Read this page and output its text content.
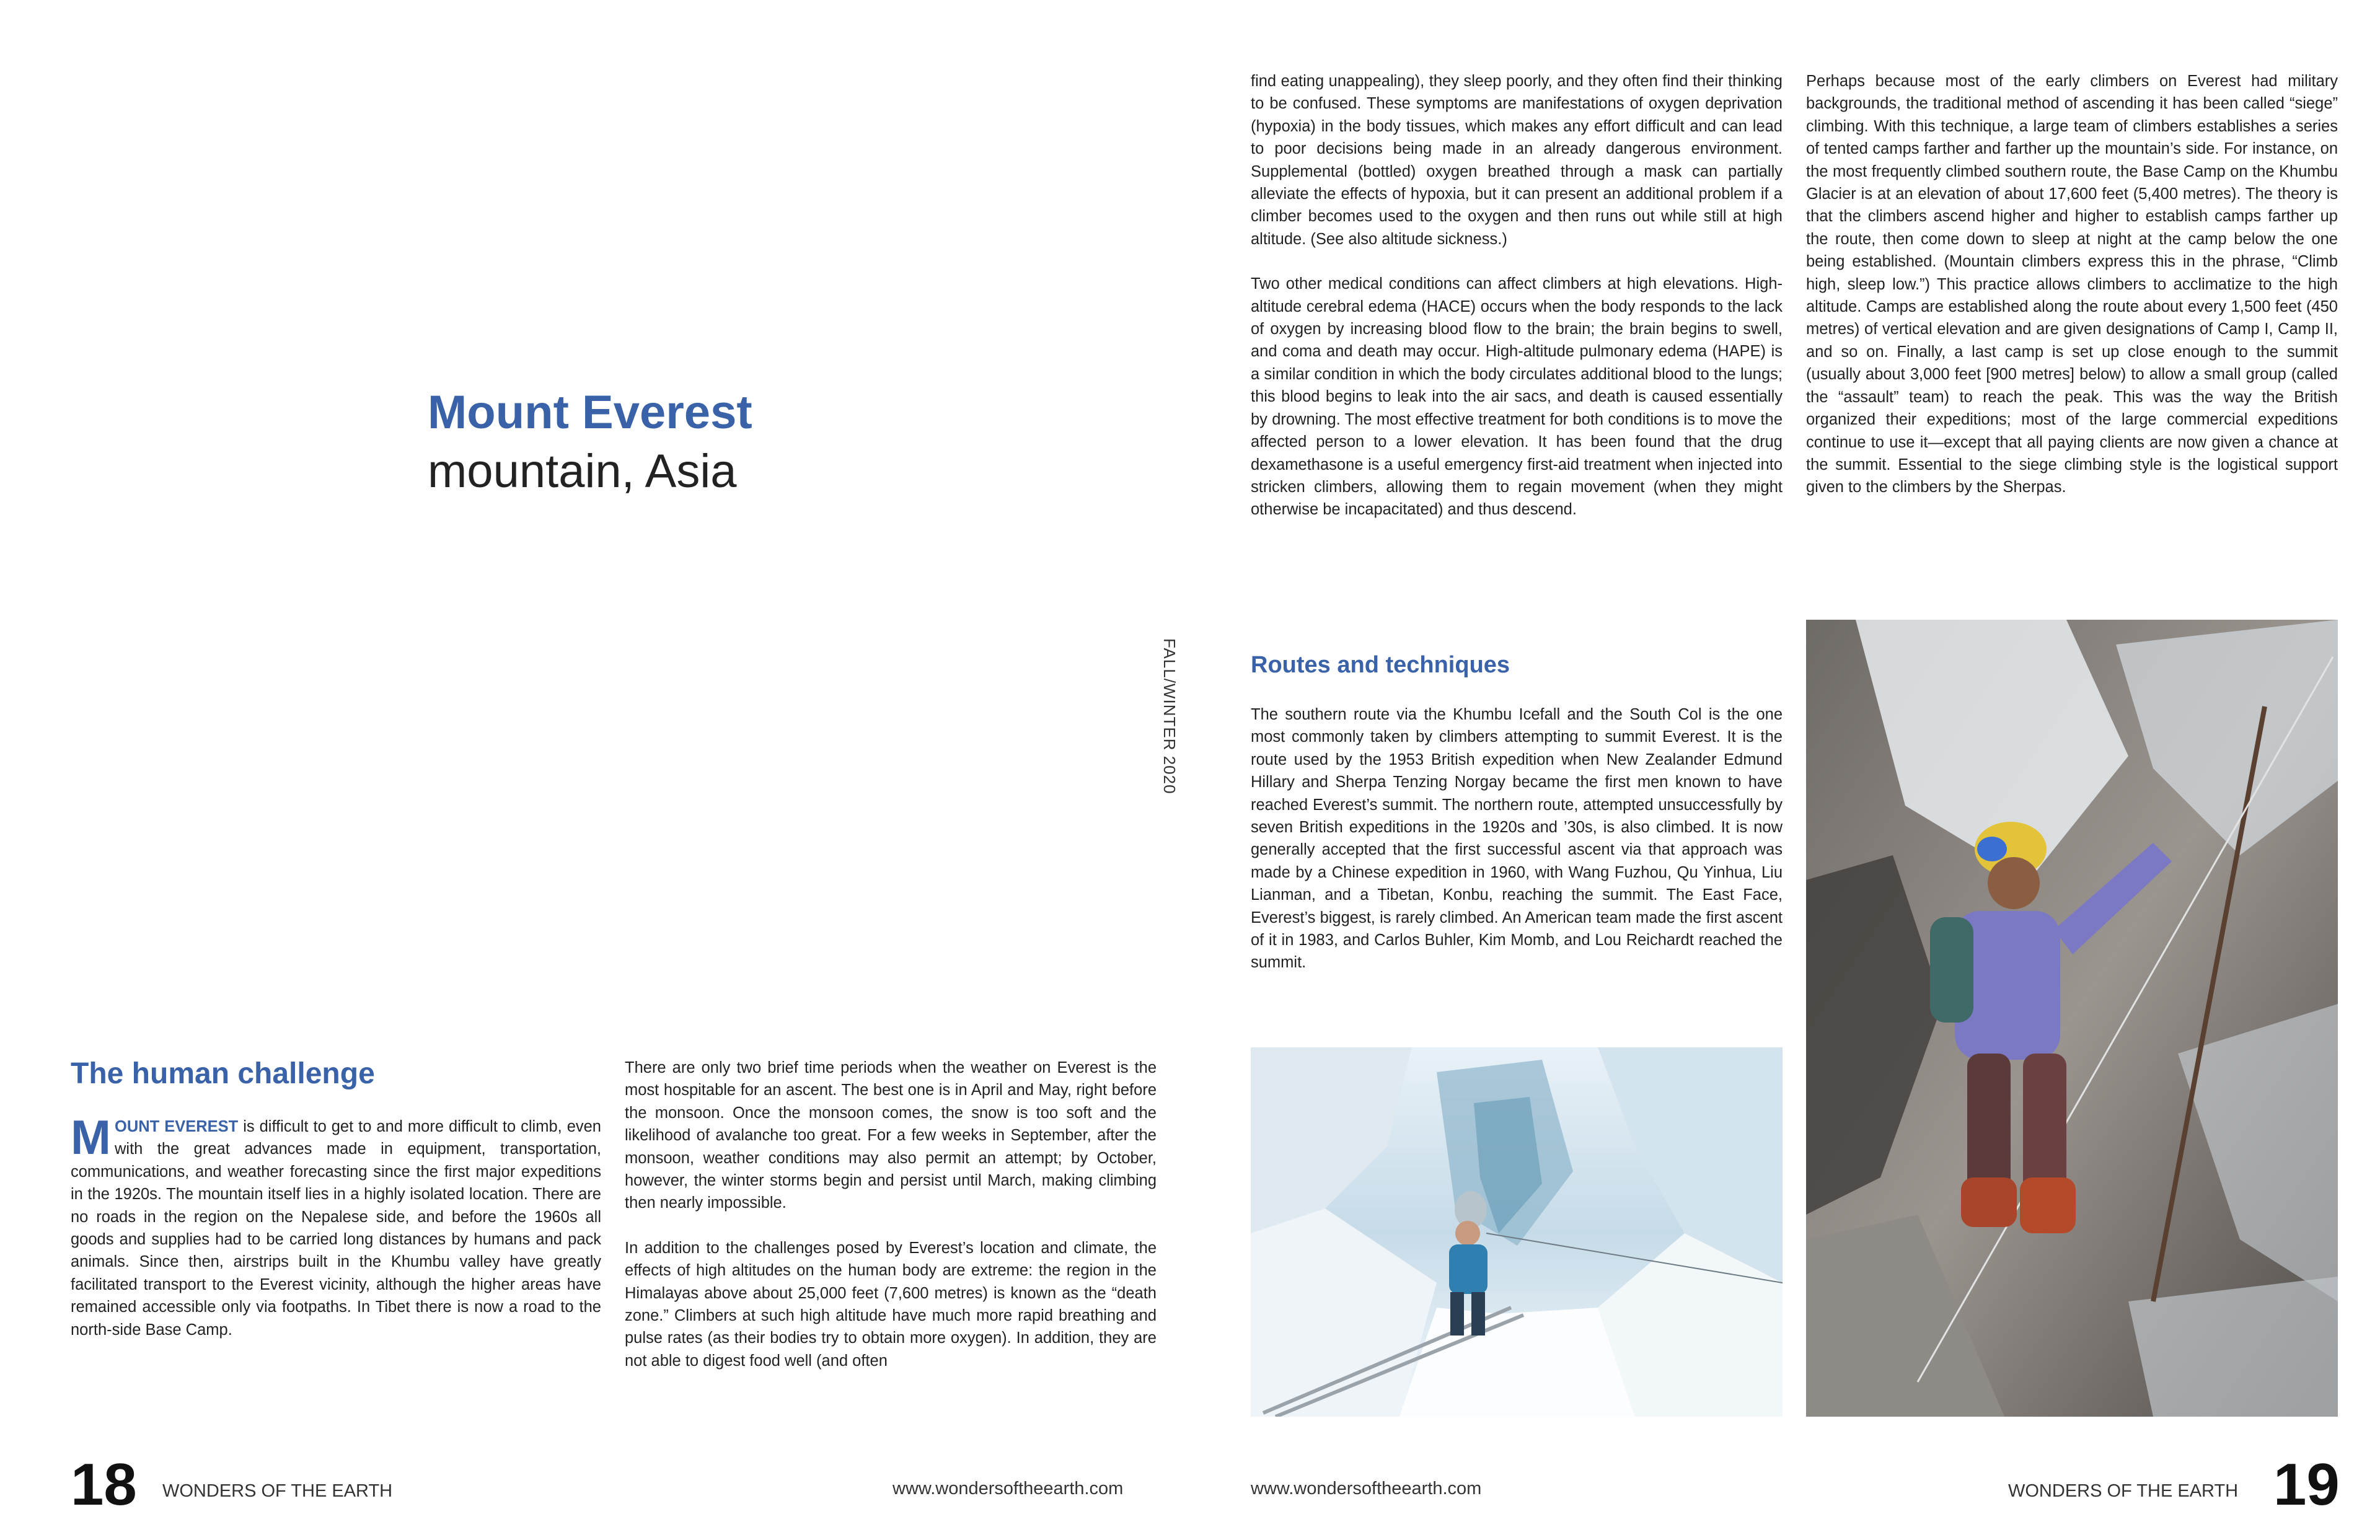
Mount Everest
mountain, Asia
The human challenge

MOUNT EVEREST is difficult to get to and more difficult to climb, even with the great advances made in equipment, transportation, communications, and weather forecasting since the first major expeditions in the 1920s. The mountain itself lies in a highly isolated location. There are no roads in the region on the Nepalese side, and before the 1960s all goods and supplies had to be carried long distances by humans and pack animals. Since then, airstrips built in the Khumbu valley have greatly facilitated transport to the Everest vicinity, although the higher areas have remained accessible only via footpaths. In Tibet there is now a road to the north-side Base Camp.

There are only two brief time periods when the weather on Everest is the most hospitable for an ascent. The best one is in April and May, right before the monsoon. Once the monsoon comes, the snow is too soft and the likelihood of avalanche too great. For a few weeks in September, after the monsoon, weather conditions may also permit an attempt; by October, however, the winter storms begin and persist until March, making climbing then nearly impossible.

In addition to the challenges posed by Everest’s location and climate, the effects of high altitudes on the human body are extreme: the region in the Himalayas above about 25,000 feet (7,600 metres) is known as the “death zone.” Climbers at such high altitude have much more rapid breathing and pulse rates (as their bodies try to obtain more oxygen). In addition, they are not able to digest food well (and often

FALL/WINTER 2020

find eating unappealing), they sleep poorly, and they often find their thinking to be confused. These symptoms are manifestations of oxygen deprivation (hypoxia) in the body tissues, which makes any effort difficult and can lead to poor decisions being made in an already dangerous environment. Supplemental (bottled) oxygen breathed through a mask can partially alleviate the effects of hypoxia, but it can present an additional problem if a climber becomes used to the oxygen and then runs out while still at high altitude. (See also altitude sickness.)

Two other medical conditions can affect climbers at high elevations. High-altitude cerebral edema (HACE) occurs when the body responds to the lack of oxygen by increasing blood flow to the brain; the brain begins to swell, and coma and death may occur. High-altitude pulmonary edema (HAPE) is a similar condition in which the body circulates additional blood to the lungs; this blood begins to leak into the air sacs, and death is caused essentially by drowning. The most effective treatment for both conditions is to move the affected person to a lower elevation. It has been found that the drug dexamethasone is a useful emergency first-aid treatment when injected into stricken climbers, allowing them to regain movement (when they might otherwise be incapacitated) and thus descend.

Routes and techniques

The southern route via the Khumbu Icefall and the South Col is the one most commonly taken by climbers attempting to summit Everest. It is the route used by the 1953 British expedition when New Zealander Edmund Hillary and Sherpa Tenzing Norgay became the first men known to have reached Everest’s summit. The northern route, attempted unsuccessfully by seven British expeditions in the 1920s and ’30s, is also climbed. It is now generally accepted that the first successful ascent via that approach was made by a Chinese expedition in 1960, with Wang Fuzhou, Qu Yinhua, Liu Lianman, and a Tibetan, Konbu, reaching the summit. The East Face, Everest’s biggest, is rarely climbed. An American team made the first ascent of it in 1983, and Carlos Buhler, Kim Momb, and Lou Reichardt reached the summit.

Perhaps because most of the early climbers on Everest had military backgrounds, the traditional method of ascending it has been called “siege” climbing. With this technique, a large team of climbers establishes a series of tented camps farther and farther up the mountain’s side. For instance, on the most frequently climbed southern route, the Base Camp on the Khumbu Glacier is at an elevation of about 17,600 feet (5,400 metres). The theory is that the climbers ascend higher and higher to establish camps farther up the route, then come down to sleep at night at the camp below the one being established. (Mountain climbers express this in the phrase, “Climb high, sleep low.”) This practice allows climbers to acclimatize to the high altitude. Camps are established along the route about every 1,500 feet (450 metres) of vertical elevation and are given designations of Camp I, Camp II, and so on. Finally, a last camp is set up close enough to the summit (usually about 3,000 feet [900 metres] below) to allow a small group (called the “assault” team) to reach the peak. This was the way the British organized their expeditions; most of the large commercial expeditions continue to use it—except that all paying clients are now given a chance at the summit. Essential to the siege climbing style is the logistical support given to the climbers by the Sherpas.

18 WONDERS OF THE EARTH	www.wondersoftheearth.com	www.wondersoftheearth.com	WONDERS OF THE EARTH 19
